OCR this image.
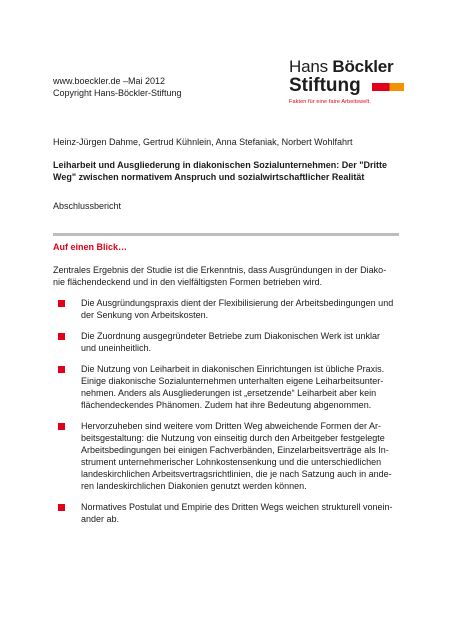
www.boeckler.de –Mai 2012
Copyright Hans-Böckler-Stiftung
Hans Böckler
Stiftung
Fakten für eine faire Arbeitswelt.
Heinz-Jürgen Dahme, Gertrud Kühnlein, Anna Stefaniak, Norbert Wohlfahrt
Leiharbeit und Ausgliederung in diakonischen Sozialunternehmen: Der "Dritte
Weg" zwischen normativem Anspruch und sozialwirtschaftlicher Realität
Abschlussbericht
Auf einen Blick…
Zentrales Ergebnis der Studie ist die Erkenntnis, dass Ausgründungen in der Diako-
nie flächendeckend und in den vielfältigsten Formen betrieben wird.
Die Ausgründungspraxis dient der Flexibilisierung der Arbeitsbedingungen und
der Senkung von Arbeitskosten.
Die Zuordnung ausgegründeter Betriebe zum Diakonischen Werk ist unklar
und uneinheitlich.
Die Nutzung von Leiharbeit in diakonischen Einrichtungen ist übliche Praxis.
Einige diakonische Sozialunternehmen unterhalten eigene Leiharbeitsunter-
nehmen. Anders als Ausgliederungen ist „ersetzende“ Leiharbeit aber kein
flächendeckendes Phänomen. Zudem hat ihre Bedeutung abgenommen.
Hervorzuheben sind weitere vom Dritten Weg abweichende Formen der Ar-
beitsgestaltung: die Nutzung von einseitig durch den Arbeitgeber festgelegte
Arbeitsbedingungen bei einigen Fachverbänden, Einzelarbeitsverträge als In-
strument unternehmerischer Lohnkostensenkung und die unterschiedlichen
landeskirchlichen Arbeitsvertragsrichtlinien, die je nach Satzung auch in ande-
ren landeskirchlichen Diakonien genutzt werden können.
Normatives Postulat und Empirie des Dritten Wegs weichen strukturell vonein-
ander ab.
